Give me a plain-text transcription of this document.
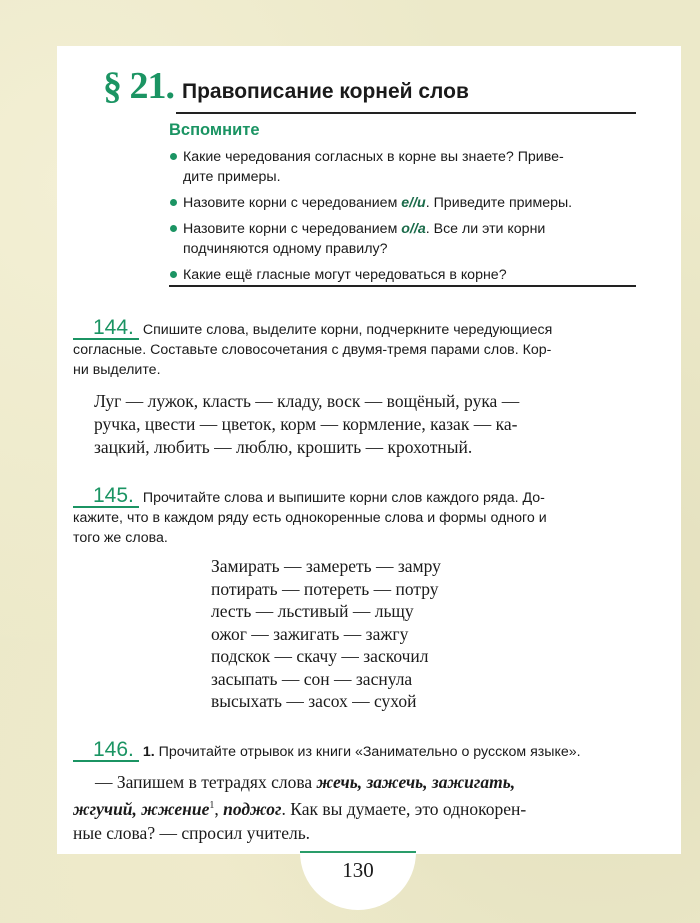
§ 21. Правописание корней слов
Вспомните
Какие чередования согласных в корне вы знаете? Приве-
дите примеры.
Назовите корни с чередованием е//и. Приведите примеры.
Назовите корни с чередованием о//а. Все ли эти корни
подчиняются одному правилу?
Какие ещё гласные могут чередоваться в корне?
144. Спишите слова, выделите корни, подчеркните чередующиеся
согласные. Составьте словосочетания с двумя-тремя парами слов. Кор-
ни выделите.
Луг — лужок, класть — кладу, воск — вощёный, рука —
ручка, цвести — цветок, корм — кормление, казак — ка-
зацкий, любить — люблю, крошить — крохотный.
145. Прочитайте слова и выпишите корни слов каждого ряда. До-
кажите, что в каждом ряду есть однокоренные слова и формы одного и
того же слова.
Замирать — замереть — замру
потирать — потереть — потру
лесть — льстивый — льщу
ожог — зажигать — зажгу
подскок — скачу — заскочил
засыпать — сон — заснула
высыхать — засох — сухой
146. 1. Прочитайте отрывок из книги «Занимательно о русском языке».
— Запишем в тетрадях слова жечь, зажечь, зажигать,
жгучий, жжение$^1$, поджог. Как вы думаете, это однокорен-
ные слова? — спросил учитель.
130
